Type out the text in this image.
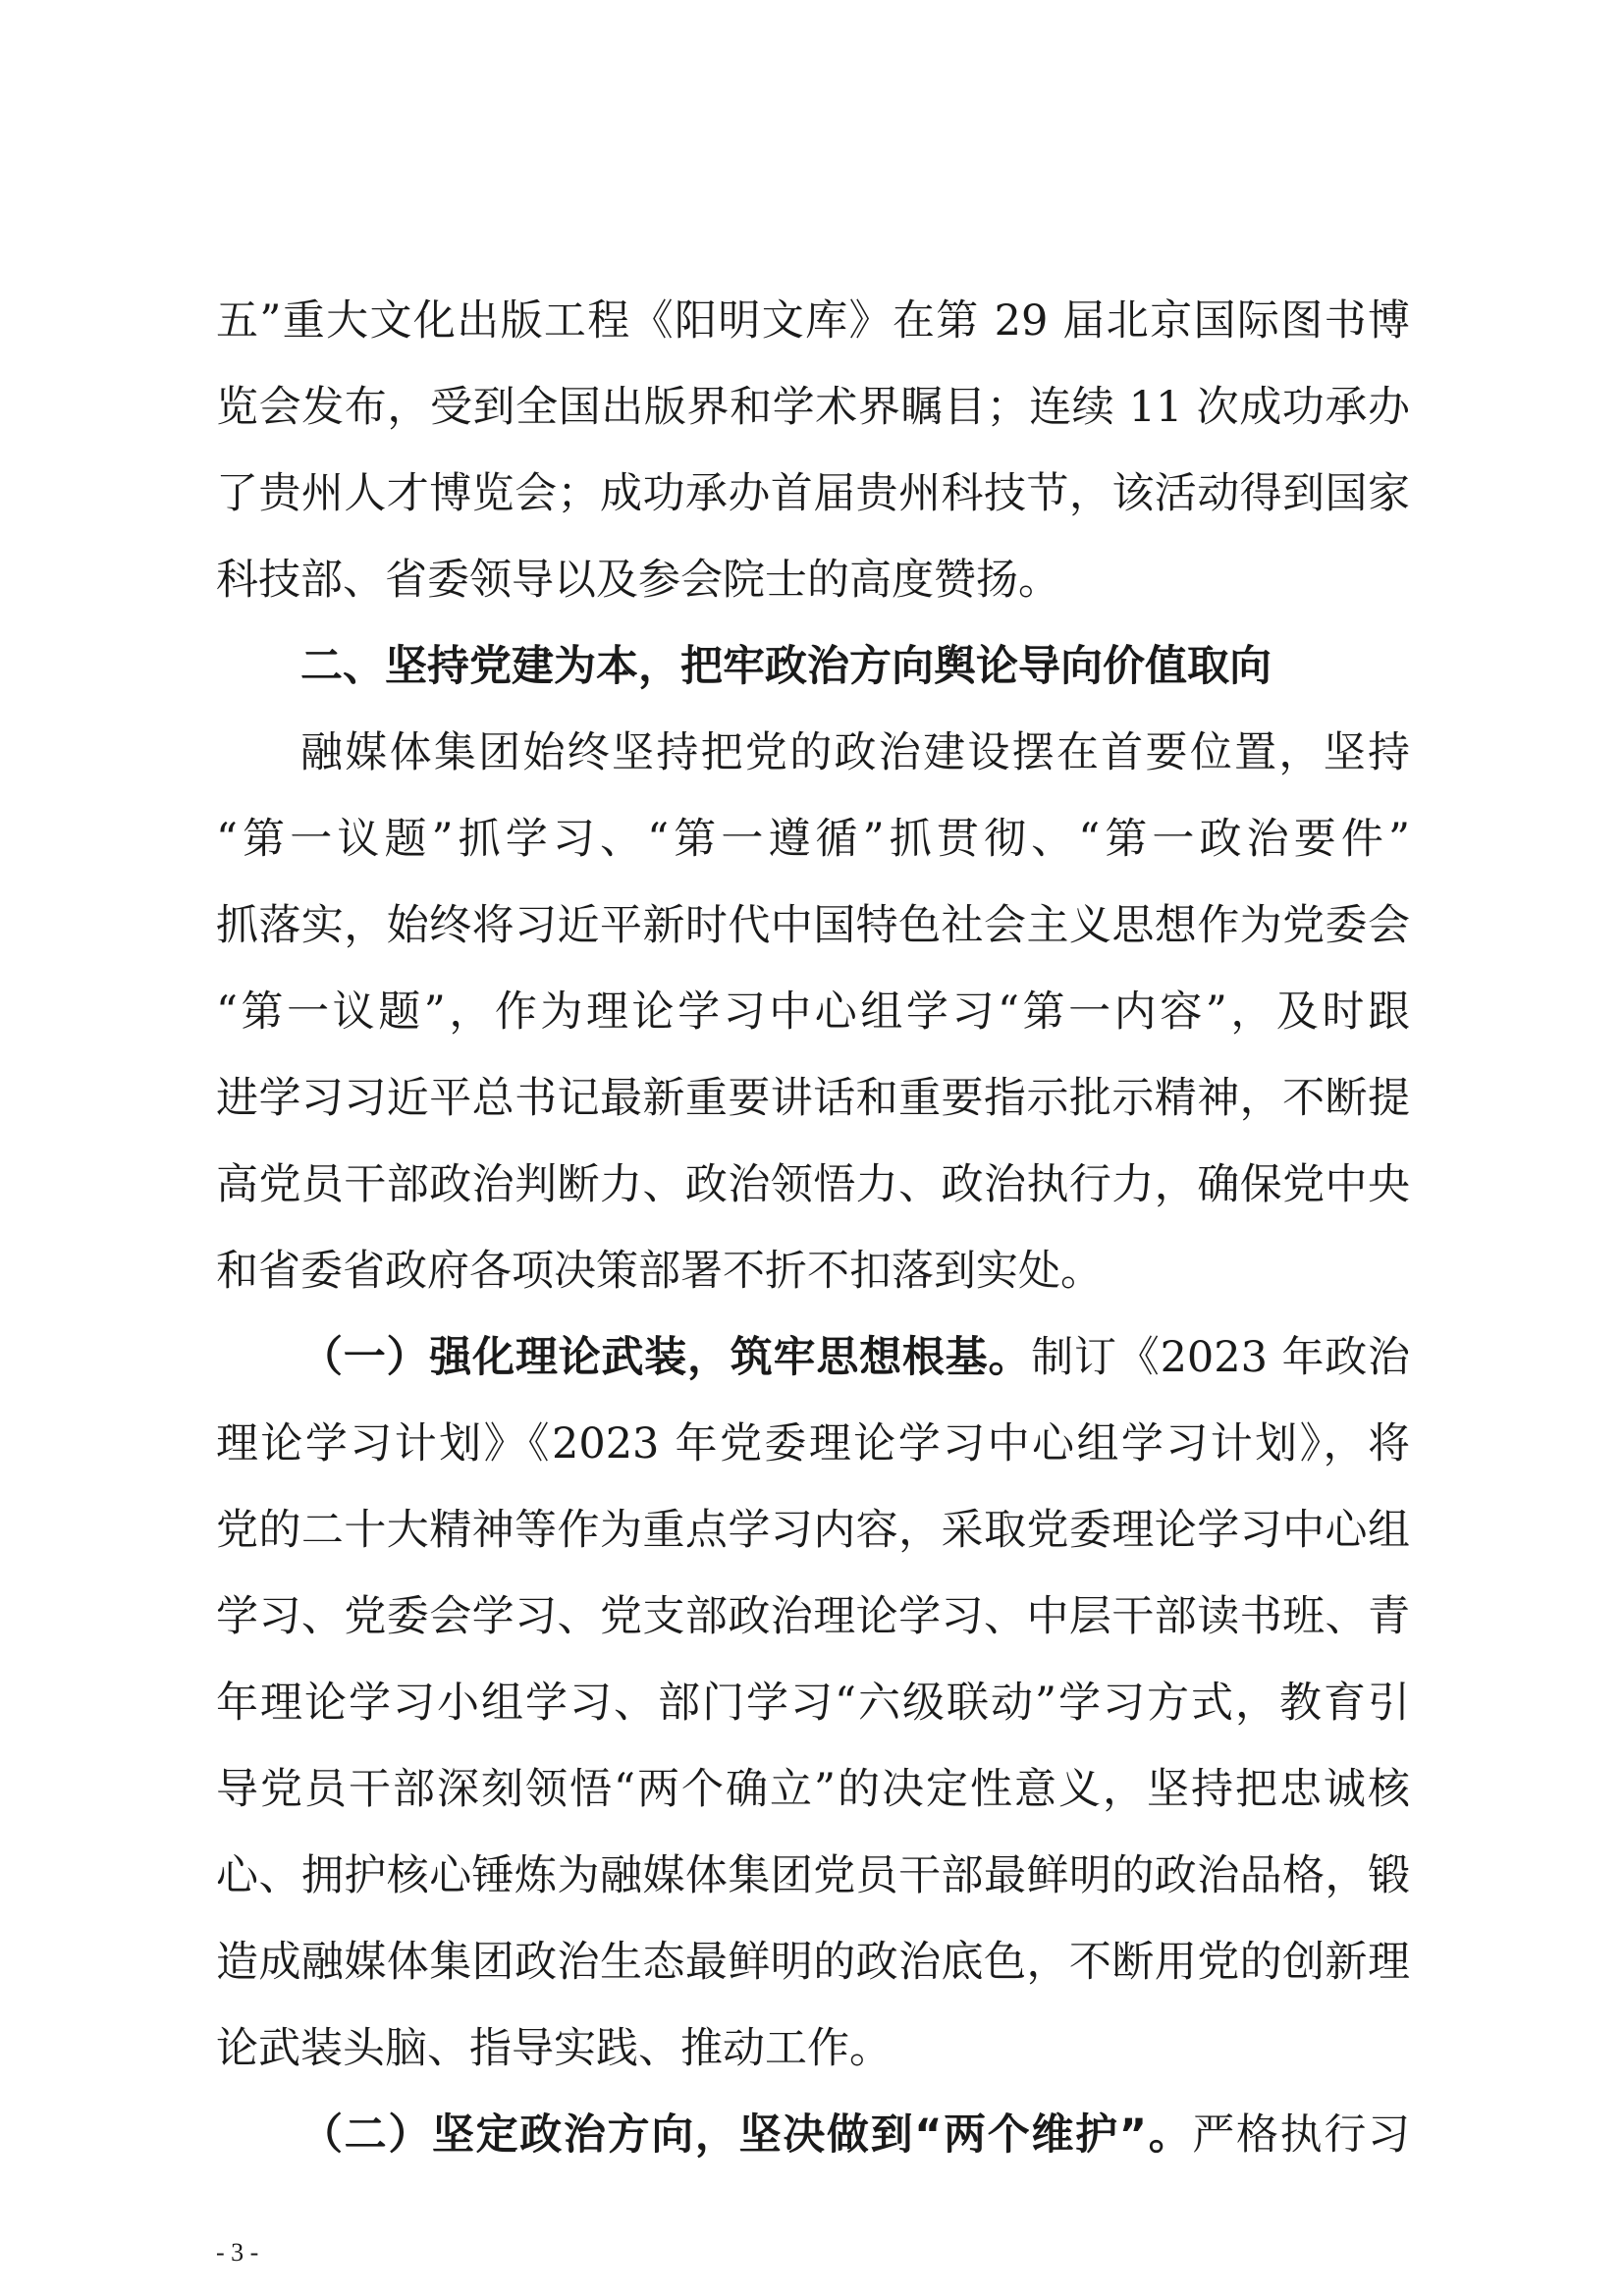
五”重大文化出版工程《阳明文库》在第 29 届北京国际图书博

览会发布，受到全国出版界和学术界瞩目；连续 11 次成功承办

了贵州人才博览会；成功承办首届贵州科技节，该活动得到国家

科技部、省委领导以及参会院士的高度赞扬。

二、坚持党建为本，把牢政治方向舆论导向价值取向

融媒体集团始终坚持把党的政治建设摆在首要位置，坚持

“第一议题”抓学习、“第一遵循”抓贯彻、“第一政治要件”

抓落实，始终将习近平新时代中国特色社会主义思想作为党委会

“第一议题”，作为理论学习中心组学习“第一内容”，及时跟

进学习习近平总书记最新重要讲话和重要指示批示精神，不断提

高党员干部政治判断力、政治领悟力、政治执行力，确保党中央

和省委省政府各项决策部署不折不扣落到实处。

（一）强化理论武装，筑牢思想根基。制订《2023 年政治

理论学习计划》《2023 年党委理论学习中心组学习计划》，将

党的二十大精神等作为重点学习内容，采取党委理论学习中心组

学习、党委会学习、党支部政治理论学习、中层干部读书班、青

年理论学习小组学习、部门学习“六级联动”学习方式，教育引

导党员干部深刻领悟“两个确立”的决定性意义，坚持把忠诚核

心、拥护核心锤炼为融媒体集团党员干部最鲜明的政治品格，锻

造成融媒体集团政治生态最鲜明的政治底色，不断用党的创新理

论武装头脑、指导实践、推动工作。

（二）坚定政治方向，坚决做到“两个维护”。严格执行习

- 3 -
